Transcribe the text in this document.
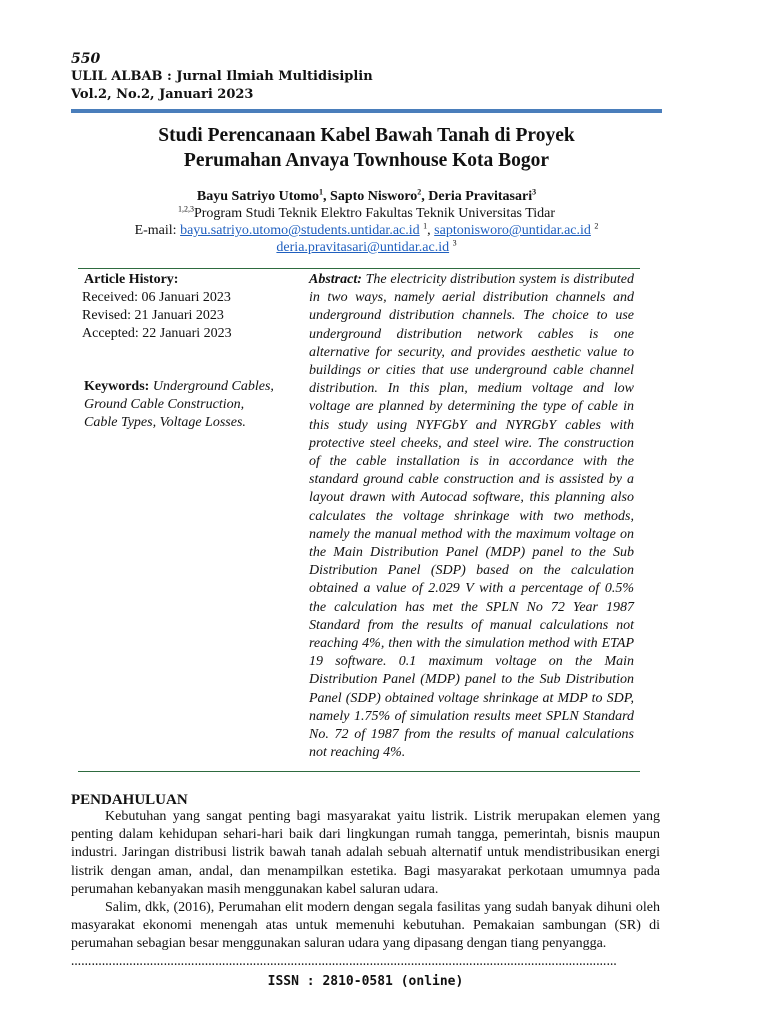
550
ULIL ALBAB : Jurnal Ilmiah Multidisiplin
Vol.2, No.2, Januari 2023
Studi Perencanaan Kabel Bawah Tanah di Proyek
Perumahan Anvaya Townhouse Kota Bogor
Bayu Satriyo Utomo$^1$, Sapto Nisworo$^2$, Deria Pravitasari$^3$
$^{1,2,3}$Program Studi Teknik Elektro Fakultas Teknik Universitas Tidar
E-mail: bayu.satriyo.utomo@students.untidar.ac.id $^1$, saptonisworo@untidar.ac.id $^2$
deria.pravitasari@untidar.ac.id $^3$
Article History:
Received: 06 Januari 2023
Revised: 21 Januari 2023
Accepted: 22 Januari 2023
Keywords: Underground Cables, Ground Cable Construction, Cable Types, Voltage Losses.
Abstract: The electricity distribution system is distributed in two ways, namely aerial distribution channels and underground distribution channels. The choice to use underground distribution network cables is one alternative for security, and provides aesthetic value to buildings or cities that use underground cable channel distribution. In this plan, medium voltage and low voltage are planned by determining the type of cable in this study using NYFGbY and NYRGbY cables with protective steel cheeks, and steel wire. The construction of the cable installation is in accordance with the standard ground cable construction and is assisted by a layout drawn with Autocad software, this planning also calculates the voltage shrinkage with two methods, namely the manual method with the maximum voltage on the Main Distribution Panel (MDP) panel to the Sub Distribution Panel (SDP) based on the calculation obtained a value of 2.029 V with a percentage of 0.5% the calculation has met the SPLN No 72 Year 1987 Standard from the results of manual calculations not reaching 4%, then with the simulation method with ETAP 19 software. 0.1 maximum voltage on the Main Distribution Panel (MDP) panel to the Sub Distribution Panel (SDP) obtained voltage shrinkage at MDP to SDP, namely 1.75% of simulation results meet SPLN Standard No. 72 of 1987 from the results of manual calculations not reaching 4%.
PENDAHULUAN

Kebutuhan yang sangat penting bagi masyarakat yaitu listrik. Listrik merupakan elemen yang penting dalam kehidupan sehari-hari baik dari lingkungan rumah tangga, pemerintah, bisnis maupun industri. Jaringan distribusi listrik bawah tanah adalah sebuah alternatif untuk mendistribusikan energi listrik dengan aman, andal, dan menampilkan estetika. Bagi masyarakat perkotaan umumnya pada perumahan kebanyakan masih menggunakan kabel saluran udara.

Salim, dkk, (2016), Perumahan elit modern dengan segala fasilitas yang sudah banyak dihuni oleh masyarakat ekonomi menengah atas untuk memenuhi kebutuhan. Pemakaian sambungan (SR) di perumahan sebagian besar menggunakan saluran udara yang dipasang dengan tiang penyangga.

……………………………………………………………………………………………………………………………………………
ISSN : 2810-0581 (online)
